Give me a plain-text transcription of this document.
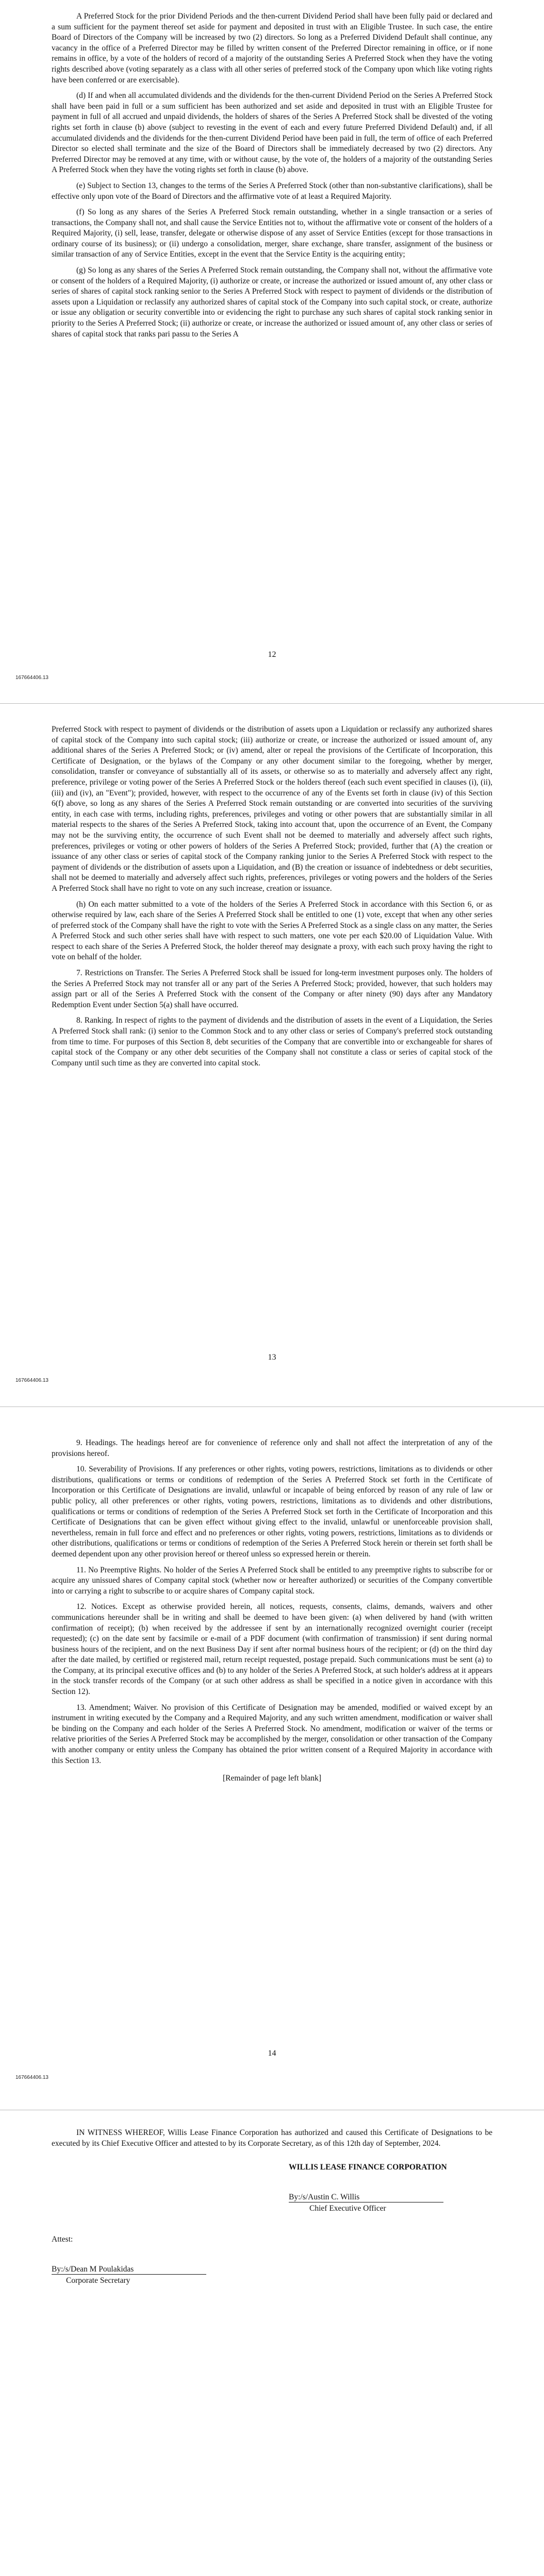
A Preferred Stock for the prior Dividend Periods and the then-current Dividend Period shall have been fully paid or declared and a sum sufficient for the payment thereof set aside for payment and deposited in trust with an Eligible Trustee. In such case, the entire Board of Directors of the Company will be increased by two (2) directors. So long as a Preferred Dividend Default shall continue, any vacancy in the office of a Preferred Director may be filled by written consent of the Preferred Director remaining in office, or if none remains in office, by a vote of the holders of record of a majority of the outstanding Series A Preferred Stock when they have the voting rights described above (voting separately as a class with all other series of preferred stock of the Company upon which like voting rights have been conferred or are exercisable).

(d) If and when all accumulated dividends and the dividends for the then-current Dividend Period on the Series A Preferred Stock shall have been paid in full or a sum sufficient has been authorized and set aside and deposited in trust with an Eligible Trustee for payment in full of all accrued and unpaid dividends, the holders of shares of the Series A Preferred Stock shall be divested of the voting rights set forth in clause (b) above (subject to revesting in the event of each and every future Preferred Dividend Default) and, if all accumulated dividends and the dividends for the then-current Dividend Period have been paid in full, the term of office of each Preferred Director so elected shall terminate and the size of the Board of Directors shall be immediately decreased by two (2) directors. Any Preferred Director may be removed at any time, with or without cause, by the vote of, the holders of a majority of the outstanding Series A Preferred Stock when they have the voting rights set forth in clause (b) above.

(e) Subject to Section 13, changes to the terms of the Series A Preferred Stock (other than non-substantive clarifications), shall be effective only upon vote of the Board of Directors and the affirmative vote of at least a Required Majority.

(f) So long as any shares of the Series A Preferred Stock remain outstanding, whether in a single transaction or a series of transactions, the Company shall not, and shall cause the Service Entities not to, without the affirmative vote or consent of the holders of a Required Majority, (i) sell, lease, transfer, delegate or otherwise dispose of any asset of Service Entities (except for those transactions in ordinary course of its business); or (ii) undergo a consolidation, merger, share exchange, share transfer, assignment of the business or similar transaction of any of Service Entities, except in the event that the Service Entity is the acquiring entity;

(g) So long as any shares of the Series A Preferred Stock remain outstanding, the Company shall not, without the affirmative vote or consent of the holders of a Required Majority, (i) authorize or create, or increase the authorized or issued amount of, any other class or series of shares of capital stock ranking senior to the Series A Preferred Stock with respect to payment of dividends or the distribution of assets upon a Liquidation or reclassify any authorized shares of capital stock of the Company into such capital stock, or create, authorize or issue any obligation or security convertible into or evidencing the right to purchase any such shares of capital stock ranking senior in priority to the Series A Preferred Stock; (ii) authorize or create, or increase the authorized or issued amount of, any other class or series of shares of capital stock that ranks pari passu to the Series A

12
167664406.13

Preferred Stock with respect to payment of dividends or the distribution of assets upon a Liquidation or reclassify any authorized shares of capital stock of the Company into such capital stock; (iii) authorize or create, or increase the authorized or issued amount of, any additional shares of the Series A Preferred Stock; or (iv) amend, alter or repeal the provisions of the Certificate of Incorporation, this Certificate of Designation, or the bylaws of the Company or any other document similar to the foregoing, whether by merger, consolidation, transfer or conveyance of substantially all of its assets, or otherwise so as to materially and adversely affect any right, preference, privilege or voting power of the Series A Preferred Stock or the holders thereof (each such event specified in clauses (i), (ii), (iii) and (iv), an "Event"); provided, however, with respect to the occurrence of any of the Events set forth in clause (iv) of this Section 6(f) above, so long as any shares of the Series A Preferred Stock remain outstanding or are converted into securities of the surviving entity, in each case with terms, including rights, preferences, privileges and voting or other powers that are substantially similar in all material respects to the shares of the Series A Preferred Stock, taking into account that, upon the occurrence of an Event, the Company may not be the surviving entity, the occurrence of such Event shall not be deemed to materially and adversely affect such rights, preferences, privileges or voting or other powers of holders of the Series A Preferred Stock; provided, further that (A) the creation or issuance of any other class or series of capital stock of the Company ranking junior to the Series A Preferred Stock with respect to the payment of dividends or the distribution of assets upon a Liquidation, and (B) the creation or issuance of indebtedness or debt securities, shall not be deemed to materially and adversely affect such rights, preferences, privileges or voting powers and the holders of the Series A Preferred Stock shall have no right to vote on any such increase, creation or issuance.

(h) On each matter submitted to a vote of the holders of the Series A Preferred Stock in accordance with this Section 6, or as otherwise required by law, each share of the Series A Preferred Stock shall be entitled to one (1) vote, except that when any other series of preferred stock of the Company shall have the right to vote with the Series A Preferred Stock as a single class on any matter, the Series A Preferred Stock and such other series shall have with respect to such matters, one vote per each $20.00 of Liquidation Value. With respect to each share of the Series A Preferred Stock, the holder thereof may designate a proxy, with each such proxy having the right to vote on behalf of the holder.

7. Restrictions on Transfer. The Series A Preferred Stock shall be issued for long-term investment purposes only. The holders of the Series A Preferred Stock may not transfer all or any part of the Series A Preferred Stock; provided, however, that such holders may assign part or all of the Series A Preferred Stock with the consent of the Company or after ninety (90) days after any Mandatory Redemption Event under Section 5(a) shall have occurred.

8. Ranking. In respect of rights to the payment of dividends and the distribution of assets in the event of a Liquidation, the Series A Preferred Stock shall rank: (i) senior to the Common Stock and to any other class or series of Company's preferred stock outstanding from time to time. For purposes of this Section 8, debt securities of the Company that are convertible into or exchangeable for shares of capital stock of the Company or any other debt securities of the Company shall not constitute a class or series of capital stock of the Company until such time as they are converted into capital stock.

13
167664406.13

9. Headings. The headings hereof are for convenience of reference only and shall not affect the interpretation of any of the provisions hereof.

10. Severability of Provisions. If any preferences or other rights, voting powers, restrictions, limitations as to dividends or other distributions, qualifications or terms or conditions of redemption of the Series A Preferred Stock set forth in the Certificate of Incorporation or this Certificate of Designations are invalid, unlawful or incapable of being enforced by reason of any rule of law or public policy, all other preferences or other rights, voting powers, restrictions, limitations as to dividends and other distributions, qualifications or terms or conditions of redemption of the Series A Preferred Stock set forth in the Certificate of Incorporation and this Certificate of Designations that can be given effect without giving effect to the invalid, unlawful or unenforceable provision shall, nevertheless, remain in full force and effect and no preferences or other rights, voting powers, restrictions, limitations as to dividends or other distributions, qualifications or terms or conditions of redemption of the Series A Preferred Stock herein or therein set forth shall be deemed dependent upon any other provision hereof or thereof unless so expressed herein or therein.

11. No Preemptive Rights. No holder of the Series A Preferred Stock shall be entitled to any preemptive rights to subscribe for or acquire any unissued shares of Company capital stock (whether now or hereafter authorized) or securities of the Company convertible into or carrying a right to subscribe to or acquire shares of Company capital stock.

12. Notices. Except as otherwise provided herein, all notices, requests, consents, claims, demands, waivers and other communications hereunder shall be in writing and shall be deemed to have been given: (a) when delivered by hand (with written confirmation of receipt); (b) when received by the addressee if sent by an internationally recognized overnight courier (receipt requested); (c) on the date sent by facsimile or e-mail of a PDF document (with confirmation of transmission) if sent during normal business hours of the recipient, and on the next Business Day if sent after normal business hours of the recipient; or (d) on the third day after the date mailed, by certified or registered mail, return receipt requested, postage prepaid. Such communications must be sent (a) to the Company, at its principal executive offices and (b) to any holder of the Series A Preferred Stock, at such holder's address at it appears in the stock transfer records of the Company (or at such other address as shall be specified in a notice given in accordance with this Section 12).

13. Amendment; Waiver. No provision of this Certificate of Designation may be amended, modified or waived except by an instrument in writing executed by the Company and a Required Majority, and any such written amendment, modification or waiver shall be binding on the Company and each holder of the Series A Preferred Stock. No amendment, modification or waiver of the terms or relative priorities of the Series A Preferred Stock may be accomplished by the merger, consolidation or other transaction of the Company with another company or entity unless the Company has obtained the prior written consent of a Required Majority in accordance with this Section 13.

[Remainder of page left blank]
14
167664406.13

IN WITNESS WHEREOF, Willis Lease Finance Corporation has authorized and caused this Certificate of Designations to be executed by its Chief Executive Officer and attested to by its Corporate Secretary, as of this 12th day of September, 2024.

WILLIS LEASE FINANCE CORPORATION
By:/s/Austin C. Willis
Chief Executive Officer
Attest:
By:/s/Dean M Poulakidas
Corporate Secretary
